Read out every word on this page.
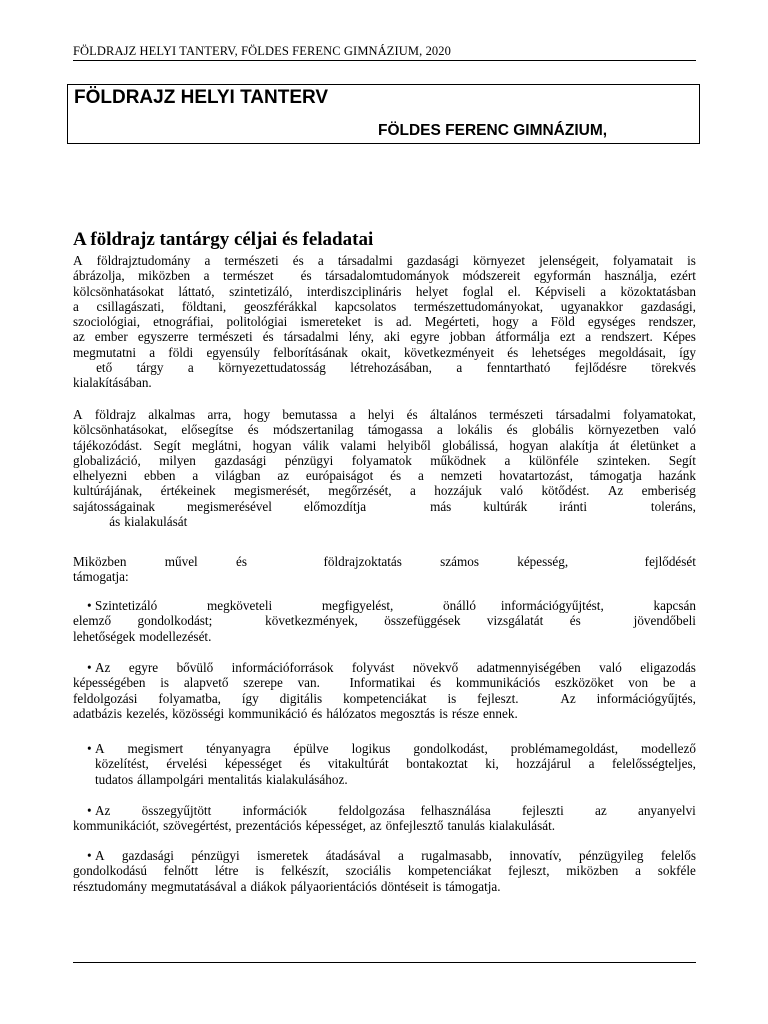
FÖLDRAJZ HELYI TANTERV, FÖLDES FERENC GIMNÁZIUM, 2020
FÖLDRAJZ HELYI TANTERV
FÖLDES FERENC GIMNÁZIUM,
A földrajz tantárgy céljai és feladatai
A földrajztudomány a természeti és a társadalmi gazdasági környezet jelenségeit, folyamatait is
ábrázolja, miközben a természet és társadalomtudományok módszereit egyformán használja, ezért
kölcsönhatásokat láttató, szintetizáló, interdiszciplináris helyet foglal el. Képviseli a közoktatásban
a csillagászati, földtani, geoszférákkal kapcsolatos természettudományokat, ugyanakkor gazdasági,
szociológiai, etnográfiai, politológiai ismereteket is ad. Megérteti, hogy a Föld egységes rendszer,
az ember egyszerre természeti és társadalmi lény, aki egyre jobban átformálja ezt a rendszert. Képes
megmutatni a földi egyensúly felborításának okait, következményeit és lehetséges megoldásait, így
ető tárgy a környezettudatosság létrehozásában, a fenntartható fejlődésre törekvés
kialakításában.
A földrajz alkalmas arra, hogy bemutassa a helyi és általános természeti társadalmi folyamatokat,
kölcsönhatásokat, elősegítse és módszertanilag támogassa a lokális és globális környezetben való
tájékozódást. Segít meglátni, hogyan válik valami helyiből globálissá, hogyan alakítja át életünket a
globalizáció, milyen gazdasági pénzügyi folyamatok működnek a különféle szinteken. Segít
elhelyezni ebben a világban az európaiságot és a nemzeti hovatartozást, támogatja hazánk
kultúrájának, értékeinek megismerését, megőrzését, a hozzájuk való kötődést. Az emberiség
sajátosságainak megismerésével előmozdítja	más kultúrák iránti	toleráns,
ás kialakulását
Miközben	művel	és	földrajzoktatás	számos	képesség,	fejlődését
támogatja:
• Szintetizáló	megköveteli	megfigyelést,	önálló információgyűjtést,	kapcsán
elemző gondolkodást;	következmények, összefüggések vizsgálatát és	jövendőbeli
lehetőségek modellezését.
• Az egyre bővülő információforrások folyvást növekvő adatmennyiségében való eligazodás
képességében is alapvető szerepe van. Informatikai és kommunikációs eszközöket von be a
feldolgozási folyamatba, így digitális kompetenciákat is fejleszt.	Az információgyűjtés,
adatbázis kezelés, közösségi kommunikáció és hálózatos megosztás is része ennek.
• A megismert tényanyagra épülve logikus gondolkodást, problémamegoldást, modellező
közelítést, érvelési képességet és vitakultúrát bontakoztat ki, hozzájárul a felelősségteljes,
tudatos állampolgári mentalitás kialakulásához.
• Az összegyűjtött információk feldolgozása felhasználása fejleszti az anyanyelvi
kommunikációt, szövegértést, prezentációs képességet, az önfejlesztő tanulás kialakulását.
• A gazdasági pénzügyi ismeretek átadásával a rugalmasabb, innovatív, pénzügyileg felelős
gondolkodású felnőtt létre is felkészít, szociális kompetenciákat fejleszt, miközben a sokféle
résztudomány megmutatásával a diákok pályaorientációs döntéseit is támogatja.
